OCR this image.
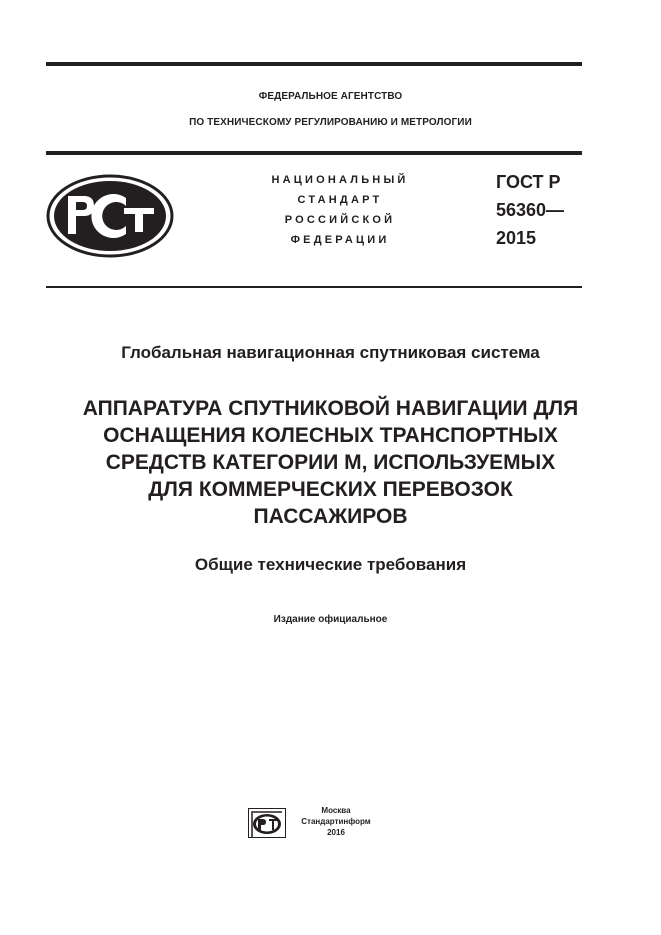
ФЕДЕРАЛЬНОЕ АГЕНТСТВО
ПО ТЕХНИЧЕСКОМУ РЕГУЛИРОВАНИЮ И МЕТРОЛОГИИ
НАЦИОНАЛЬНЫЙ
СТАНДАРТ
РОССИЙСКОЙ
ФЕДЕРАЦИИ
ГОСТ Р
56360—
2015
Глобальная навигационная спутниковая система
АППАРАТУРА СПУТНИКОВОЙ НАВИГАЦИИ ДЛЯ
ОСНАЩЕНИЯ КОЛЕСНЫХ ТРАНСПОРТНЫХ
СРЕДСТВ КАТЕГОРИИ М, ИСПОЛЬЗУЕМЫХ
ДЛЯ КОММЕРЧЕСКИХ ПЕРЕВОЗОК
ПАССАЖИРОВ
Общие технические требования
Издание официальное
Москва
Стандартинформ
2016
